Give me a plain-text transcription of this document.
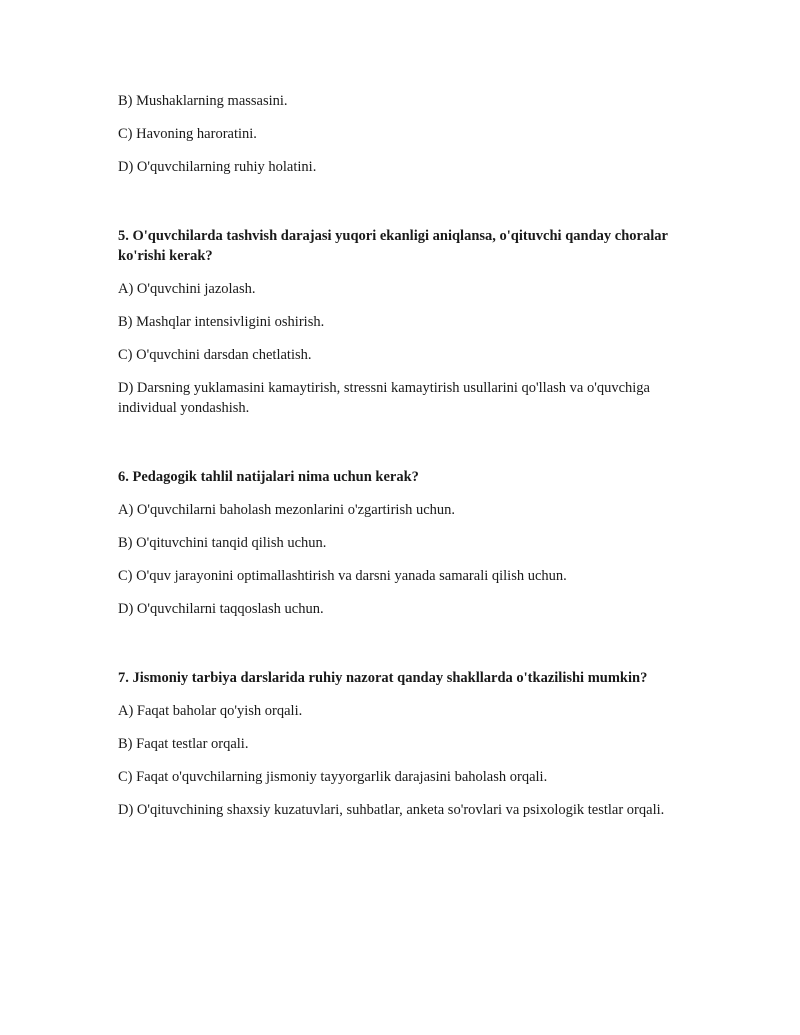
B) Mushaklarning massasini.

C) Havoning haroratini.

D) O'quvchilarning ruhiy holatini.

5. O'quvchilarda tashvish darajasi yuqori ekanligi aniqlansa, o'qituvchi qanday choralar ko'rishi kerak?

A) O'quvchini jazolash.

B) Mashqlar intensivligini oshirish.

C) O'quvchini darsdan chetlatish.

D) Darsning yuklamasini kamaytirish, stressni kamaytirish usullarini qo'llash va o'quvchiga individual yondashish.

6. Pedagogik tahlil natijalari nima uchun kerak?

A) O'quvchilarni baholash mezonlarini o'zgartirish uchun.

B) O'qituvchini tanqid qilish uchun.

C) O'quv jarayonini optimallashtirish va darsni yanada samarali qilish uchun.

D) O'quvchilarni taqqoslash uchun.

7. Jismoniy tarbiya darslarida ruhiy nazorat qanday shakllarda o'tkazilishi mumkin?

A) Faqat baholar qo'yish orqali.

B) Faqat testlar orqali.

C) Faqat o'quvchilarning jismoniy tayyorgarlik darajasini baholash orqali.

D) O'qituvchining shaxsiy kuzatuvlari, suhbatlar, anketa so'rovlari va psixologik testlar orqali.
